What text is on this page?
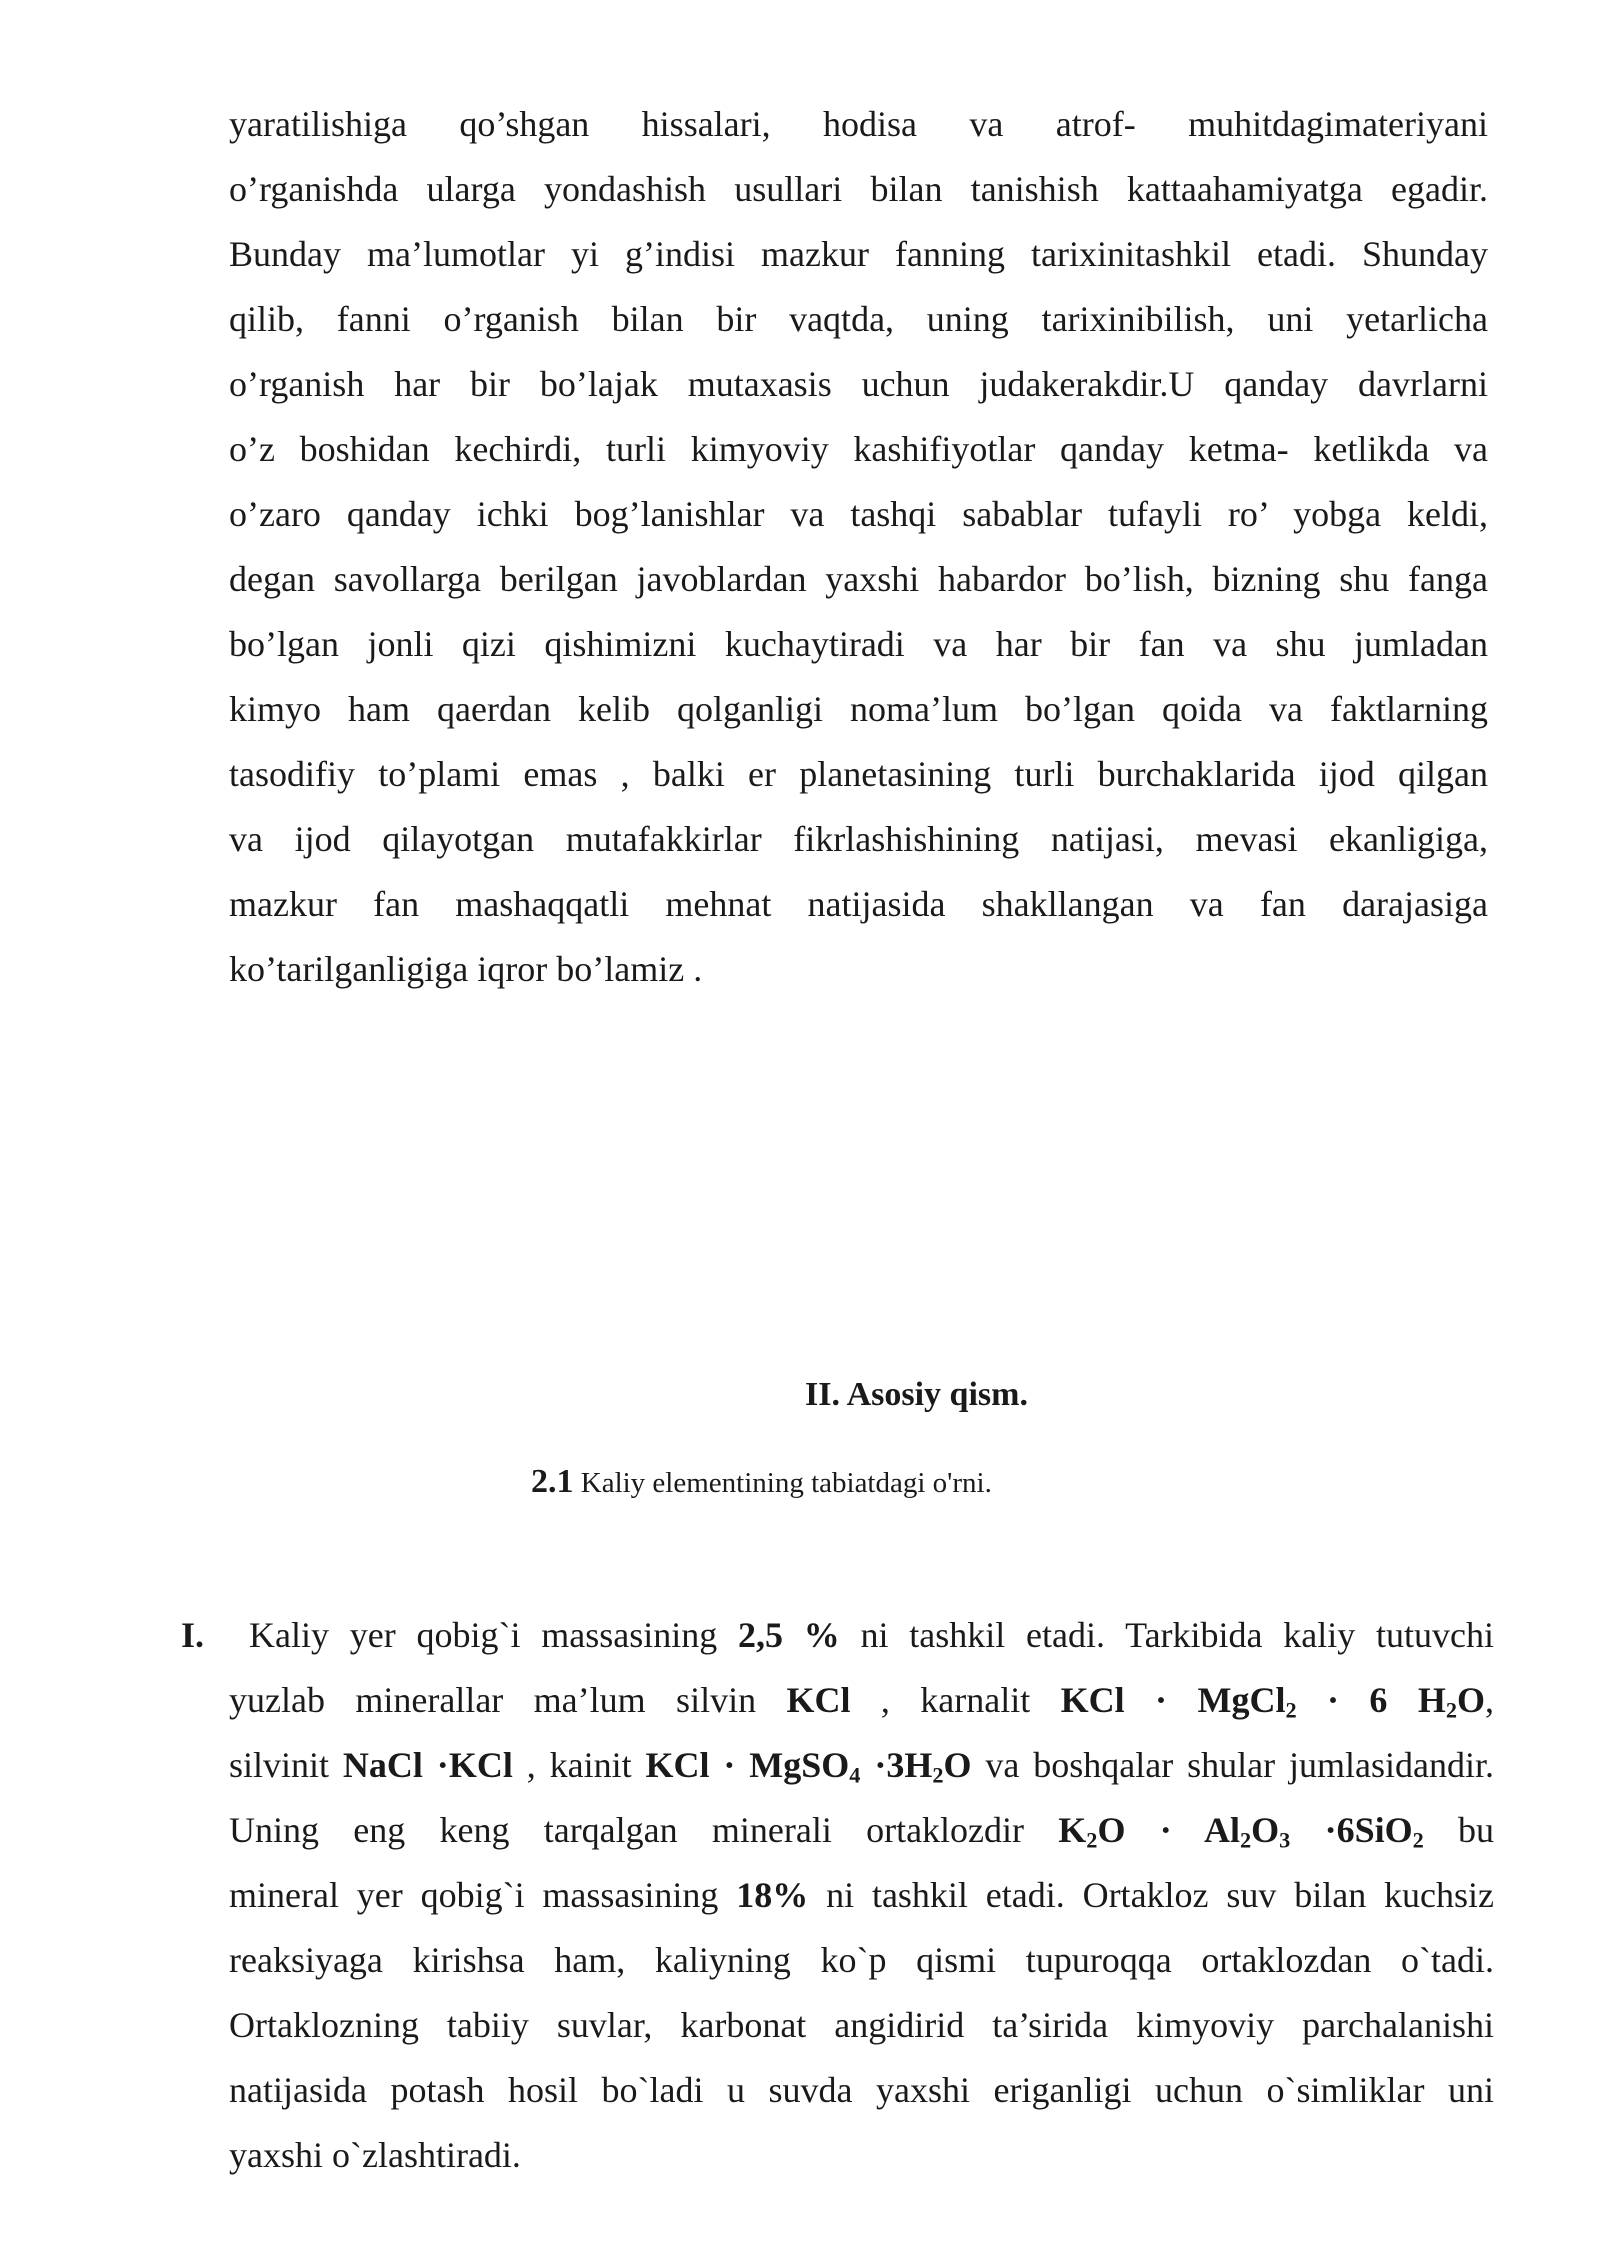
yaratilishiga qo’shgan hissalari, hodisa va atrof- muhitdagimateriyani
o’rganishda ularga yondashish usullari bilan tanishish kattaahamiyatga egadir.
Bunday ma’lumotlar yi g’indisi mazkur fanning tarixinitashkil etadi. Shunday
qilib, fanni o’rganish bilan bir vaqtda, uning tarixinibilish, uni yetarlicha
o’rganish har bir bo’lajak mutaxasis uchun judakerakdir.U qanday davrlarni
o’z boshidan kechirdi, turli kimyoviy kashifiyotlar qanday ketma- ketlikda va
o’zaro qanday ichki bog’lanishlar va tashqi sabablar tufayli ro’ yobga keldi,
degan savollarga berilgan javoblardan yaxshi habardor bo’lish, bizning shu fanga
bo’lgan jonli qizi qishimizni kuchaytiradi va har bir fan va shu jumladan
kimyo ham qaerdan kelib qolganligi noma’lum bo’lgan qoida va faktlarning
tasodifiy to’plami emas , balki er planetasining turli burchaklarida ijod qilgan
va ijod qilayotgan mutafakkirlar fikrlashishining natijasi, mevasi ekanligiga,
mazkur fan mashaqqatli mehnat natijasida shakllangan va fan darajasiga
ko’tarilganligiga iqror bo’lamiz .
II. Asosiy qism.
2.1 Kaliy elementining tabiatdagi o'rni.
I.	Kaliy yer qobig`i massasining 2,5 % ni tashkil etadi. Tarkibida kaliy tutuvchi
yuzlab minerallar ma’lum silvin KCl , karnalit KCl · MgCl$_2$ · 6 $H_2O$,
silvinit NaCl ·KCl , kainit KCl · MgSO$_4$ $\cdot 3H_2O$ va boshqalar shular jumlasidandir.
Uning eng keng tarqalgan minerali ortaklozdir $K_2O \cdot Al_2O_3 \cdot 6SiO_2$ bu
mineral yer qobig`i massasining 18% ni tashkil etadi. Ortakloz suv bilan kuchsiz
reaksiyaga kirishsa ham, kaliyning ko`p qismi tupuroqqa ortaklozdan o`tadi.
Ortaklozning tabiiy suvlar, karbonat angidirid ta’sirida kimyoviy parchalanishi
natijasida potash hosil bo`ladi u suvda yaxshi eriganligi uchun o`simliklar uni
yaxshi o`zlashtiradi.
